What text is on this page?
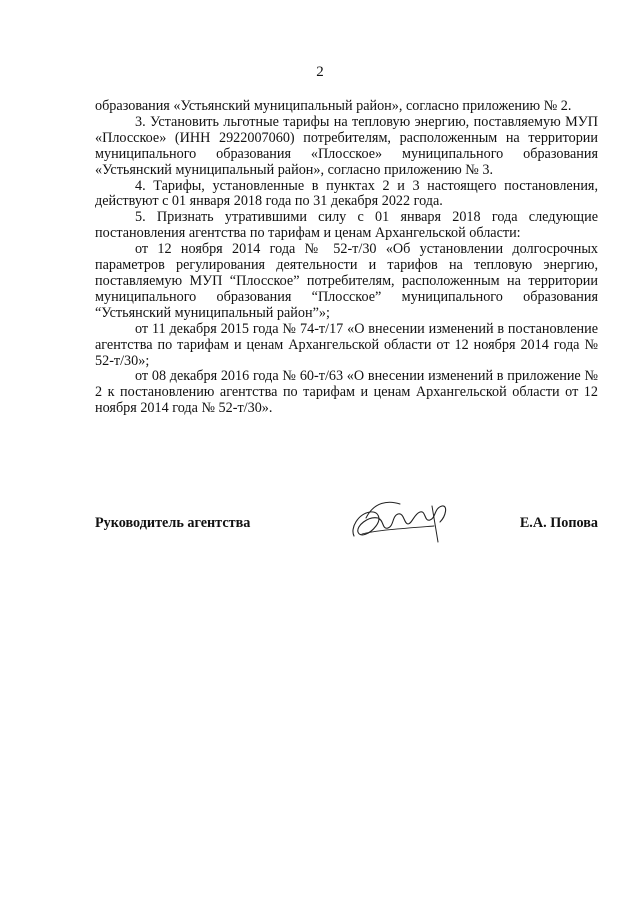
2

образования «Устьянский муниципальный район», согласно приложению № 2.

3. Установить льготные тарифы на тепловую энергию, поставляемую МУП «Плосское» (ИНН 2922007060) потребителям, расположенным на территории муниципального образования «Плосское» муниципального образования «Устьянский муниципальный район», согласно приложению № 3.

4. Тарифы, установленные в пунктах 2 и 3 настоящего постановления, действуют с 01 января 2018 года по 31 декабря 2022 года.

5. Признать утратившими силу с 01 января 2018 года следующие постановления агентства по тарифам и ценам Архангельской области:

от 12 ноября 2014 года № 52-т/30 «Об установлении долгосрочных параметров регулирования деятельности и тарифов на тепловую энергию, поставляемую МУП “Плосское” потребителям, расположенным на территории муниципального образования “Плосское” муниципального образования “Устьянский муниципальный район”»;

от 11 декабря 2015 года № 74-т/17 «О внесении изменений в постановление агентства по тарифам и ценам Архангельской области от 12 ноября 2014 года № 52-т/30»;

от 08 декабря 2016 года № 60-т/63 «О внесении изменений в приложение № 2 к постановлению агентства по тарифам и ценам Архангельской области от 12 ноября 2014 года № 52-т/30».

Руководитель агентства	Е.А. Попова
